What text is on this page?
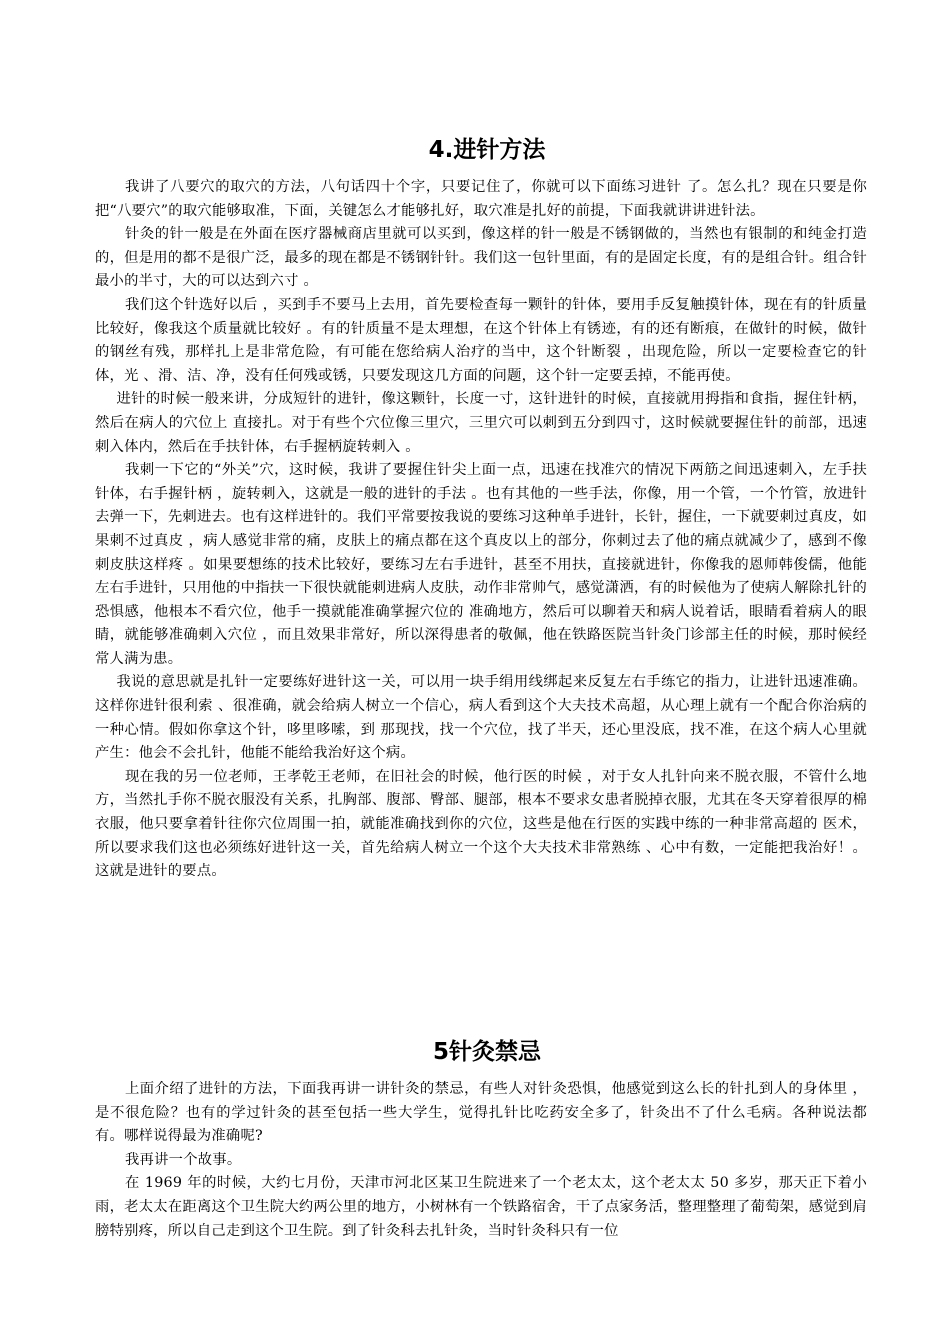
4.进针方法

我讲了八要穴的取穴的方法，八句话四十个字，只要记住了，你就可以下面练习进针 了。怎么扎？现在只要是你把“八要穴”的取穴能够取准，下面，关键怎么才能够扎好，取穴准是扎好的前提，下面我就讲讲进针法。

针灸的针一般是在外面在医疗器械商店里就可以买到，像这样的针一般是不锈钢做的，当然也有银制的和纯金打造的，但是用的都不是很广泛，最多的现在都是不锈钢针针。我们这一包针里面，有的是固定长度，有的是组合针。组合针最小的半寸，大的可以达到六寸 。

我们这个针选好以后 ，买到手不要马上去用，首先要检查每一颗针的针体，要用手反复触摸针体，现在有的针质量比较好，像我这个质量就比较好 。有的针质量不是太理想，在这个针体上有锈迹，有的还有断痕，在做针的时候，做针的钢丝有残，那样扎上是非常危险，有可能在您给病人治疗的当中，这个针断裂 ，出现危险，所以一定要检查它的针体，光 、滑、洁、净，没有任何残或锈，只要发现这几方面的问题，这个针一定要丢掉，不能再使。

进针的时候一般来讲，分成短针的进针，像这颗针，长度一寸，这针进针的时候，直接就用拇指和食指，握住针柄，然后在病人的穴位上 直接扎。对于有些个穴位像三里穴，三里穴可以刺到五分到四寸，这时候就要握住针的前部，迅速刺入体内，然后在手扶针体，右手握柄旋转刺入 。

我刺一下它的“外关”穴，这时候，我讲了要握住针尖上面一点，迅速在找准穴的情况下两筋之间迅速刺入，左手扶针体，右手握针柄 ，旋转刺入，这就是一般的进针的手法 。也有其他的一些手法，你像，用一个管，一个竹管，放进针去弹一下，先刺进去。也有这样进针的。我们平常要按我说的要练习这种单手进针，长针，握住，一下就要刺过真皮，如果刺不过真皮 ，病人感觉非常的痛，皮肤上的痛点都在这个真皮以上的部分，你刺过去了他的痛点就减少了，感到不像刺皮肤这样疼 。如果要想练的技术比较好，要练习左右手进针，甚至不用扶，直接就进针，你像我的恩师韩俊儒，他能左右手进针，只用他的中指扶一下很快就能刺进病人皮肤，动作非常帅气，感觉潇洒，有的时候他为了使病人解除扎针的恐惧感，他根本不看穴位，他手一摸就能准确掌握穴位的 准确地方，然后可以聊着天和病人说着话，眼睛看着病人的眼睛，就能够准确刺入穴位 ，而且效果非常好，所以深得患者的敬佩，他在铁路医院当针灸门诊部主任的时候，那时候经常人满为患。

我说的意思就是扎针一定要练好进针这一关，可以用一块手绢用线绑起来反复左右手练它的指力，让进针迅速准确。这样你进针很利索 、很准确，就会给病人树立一个信心，病人看到这个大夫技术高超，从心理上就有一个配合你治病的一种心情。假如你拿这个针，哆里哆嗦，到 那现找，找一个穴位，找了半天，还心里没底，找不准，在这个病人心里就产生：他会不会扎针，他能不能给我治好这个病。

现在我的另一位老师，王孝乾王老师，在旧社会的时候，他行医的时候 ，对于女人扎针向来不脱衣服，不管什么地方，当然扎手你不脱衣服没有关系，扎胸部、腹部、臀部、腿部，根本不要求女患者脱掉衣服，尤其在冬天穿着很厚的棉衣服，他只要拿着针往你穴位周围一拍，就能准确找到你的穴位，这些是他在行医的实践中练的一种非常高超的 医术，所以要求我们这也必须练好进针这一关，首先给病人树立一个这个大夫技术非常熟练 、心中有数，一定能把我治好！。这就是进针的要点。

5针灸禁忌

上面介绍了进针的方法，下面我再讲一讲针灸的禁忌，有些人对针灸恐惧，他感觉到这么长的针扎到人的身体里 ，是不很危险？也有的学过针灸的甚至包括一些大学生，觉得扎针比吃药安全多了，针灸出不了什么毛病。各种说法都 有。哪样说得最为准确呢?

我再讲一个故事。

在 1969 年的时候，大约七月份，天津市河北区某卫生院进来了一个老太太，这个老太太 50 多岁，那天正下着小雨，老太太在距离这个卫生院大约两公里的地方，小树林有一个铁路宿舍，干了点家务活，整理整理了葡萄架，感觉到肩膀特别疼，所以自己走到这个卫生院。到了针灸科去扎针灸，当时针灸科只有一位
